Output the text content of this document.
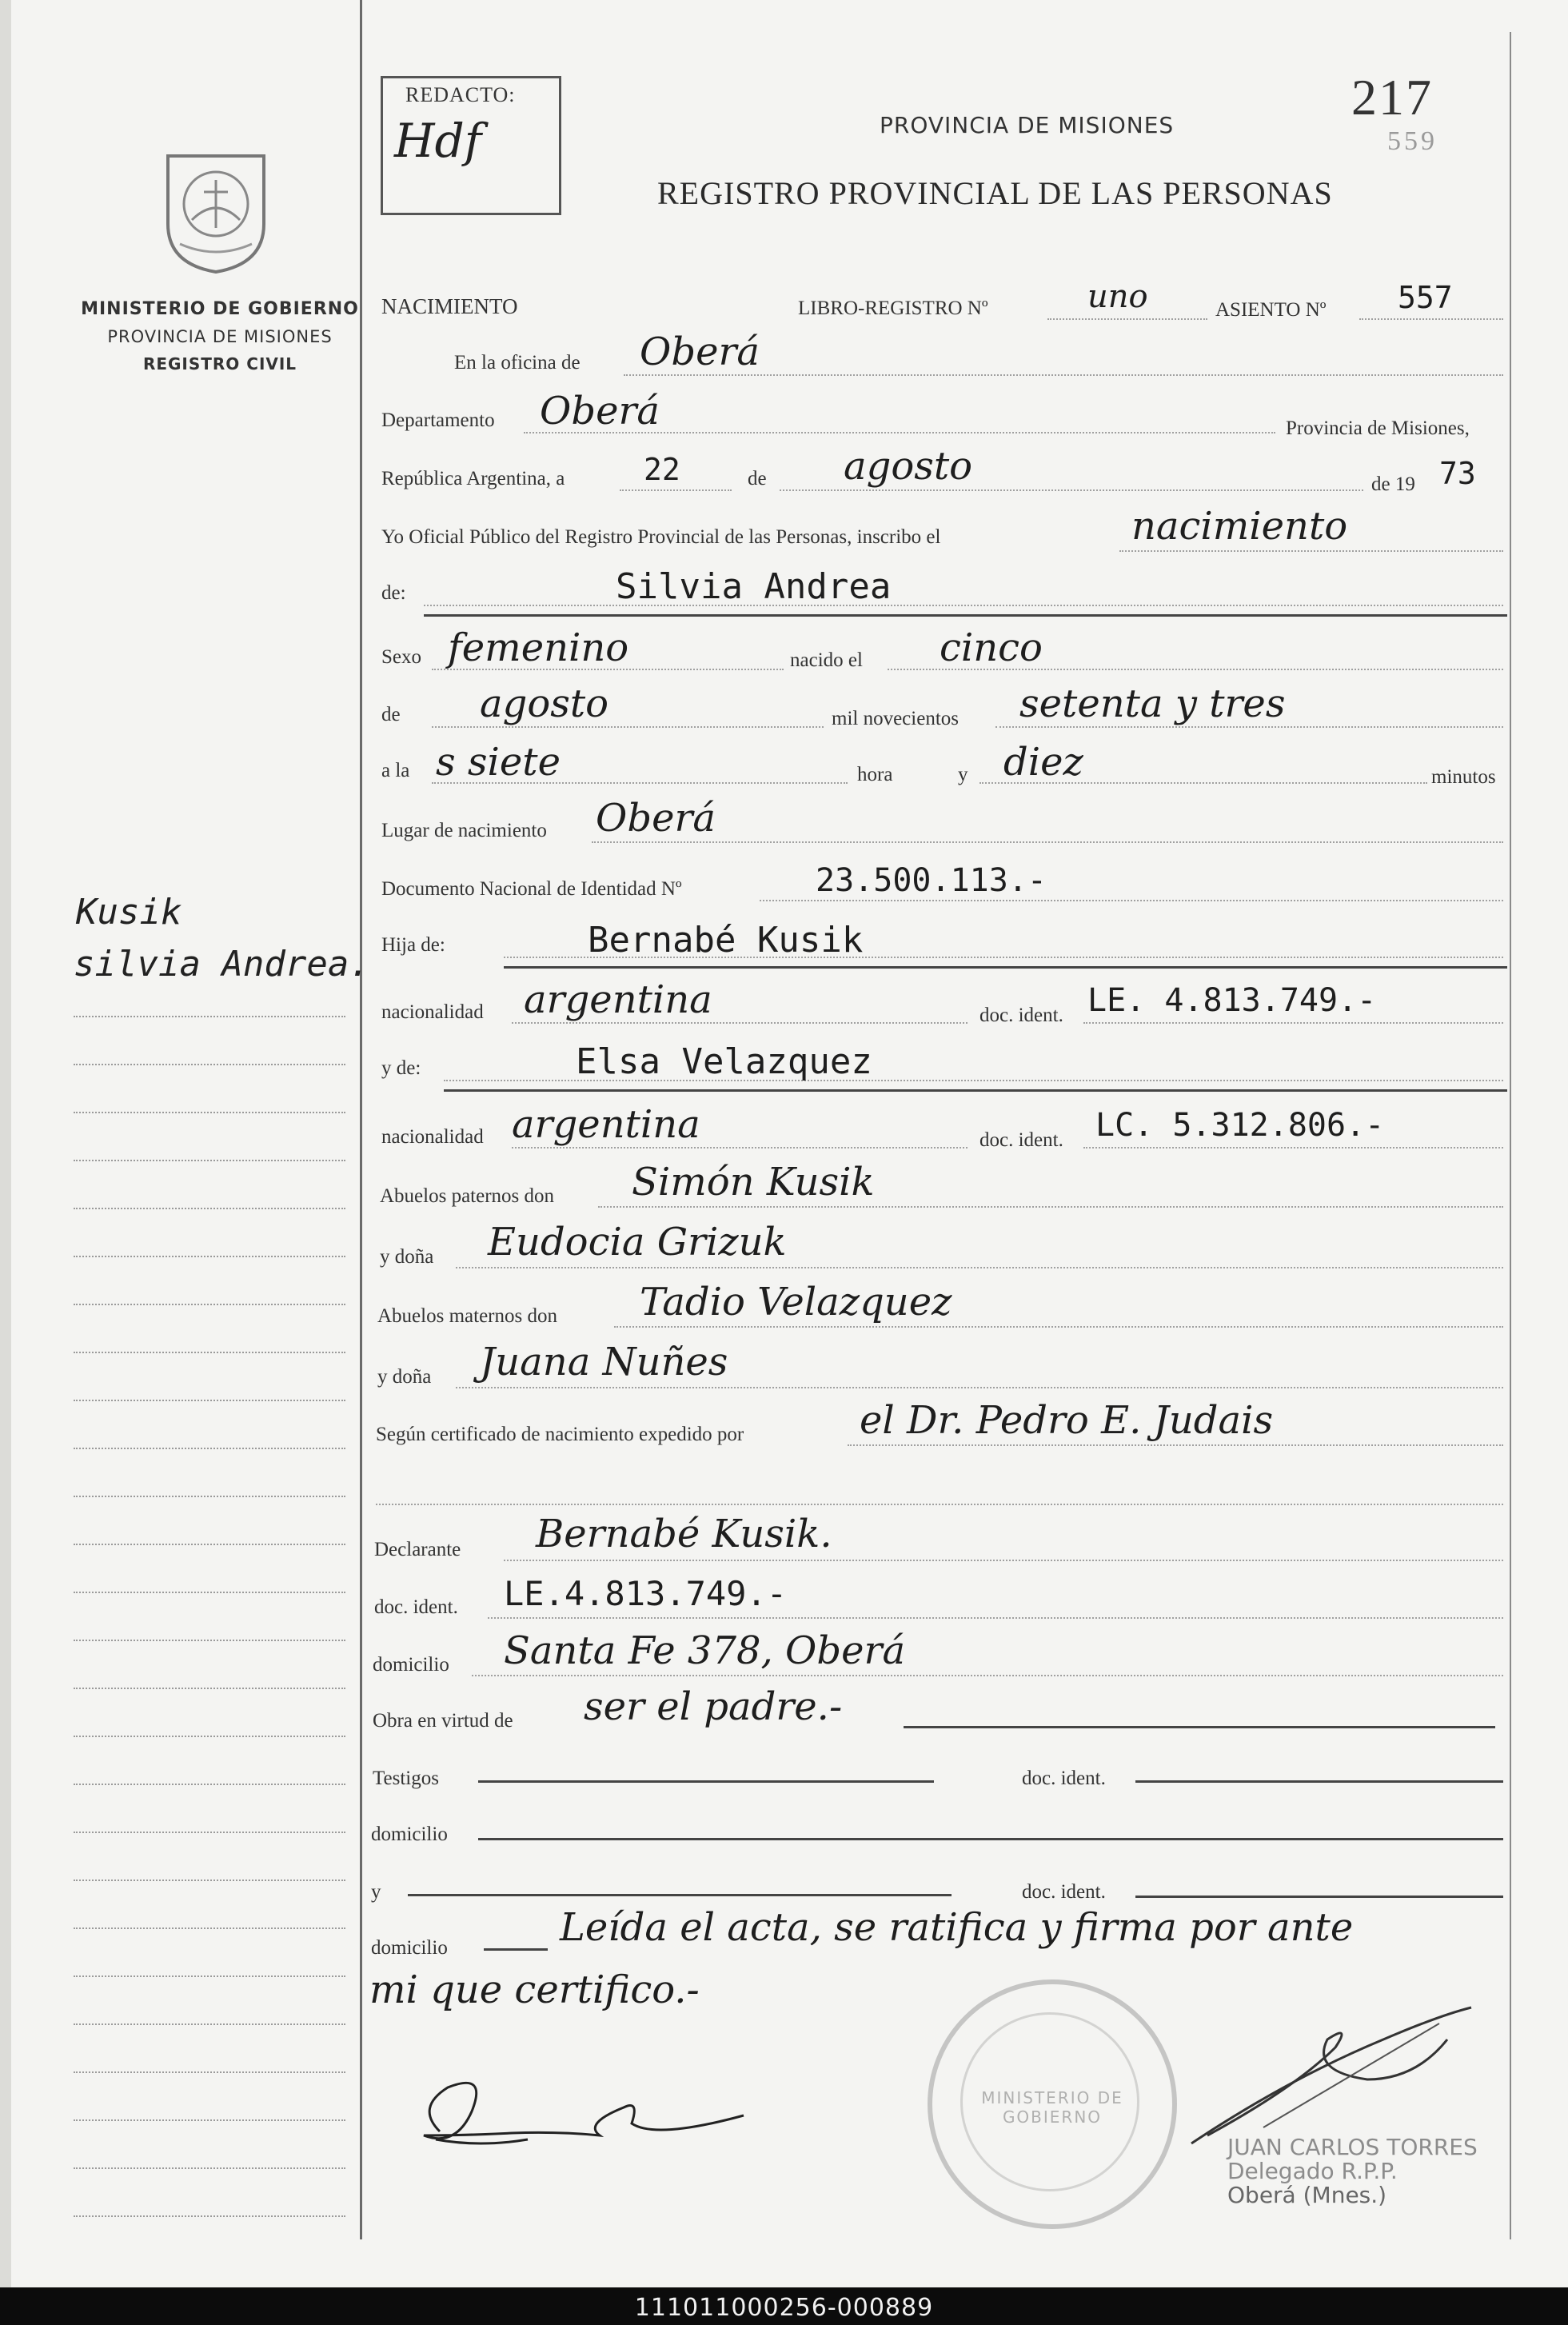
MINISTERIO DE GOBIERNO
PROVINCIA DE MISIONES
REGISTRO CIVIL
Kusik
silvia Andrea.
REDACTO:
Hdf
217
559
PROVINCIA DE MISIONES
REGISTRO PROVINCIAL DE LAS PERSONAS
NACIMIENTO	LIBRO-REGISTRO Nº	uno	ASIENTO Nº 557
En la oficina de Oberá
Departamento Oberá	Provincia de Misiones,
República Argentina, a	22	de agosto	de 19 73
Yo Oficial Público del Registro Provincial de las Personas, inscribo el	nacimiento
de:	Silvia Andrea
Sexo femenino	nacido el cinco
de agosto	mil novecientos setenta y tres
a la s siete	hora	y diez	minutos
Lugar de nacimiento Oberá
Documento Nacional de Identidad Nº	23.500.113.-
Hija de:	Bernabé Kusik
nacionalidad argentina	doc. ident. LE. 4.813.749.-
y de:	Elsa Velazquez
nacionalidad argentina	doc. ident. LC. 5.312.806.-
Abuelos paternos don Simón Kusik
y doña Eudocia Grizuk
Abuelos maternos don Tadio Velazquez
y doña Juana Nuñes
Según certificado de nacimiento expedido por	el Dr. Pedro E. Judais
Declarante Bernabé Kusik.
doc. ident. LE.4.813.749.-
domicilio Santa Fe 378, Oberá
Obra en virtud de ser el padre.-
Testigos	doc. ident.
domicilio
y	doc. ident.
domicilio	Leída el acta, se ratifica y firma por ante
mi que certifico.-
MINISTERIO DE GOBIERNO
JUAN CARLOS TORRES
Delegado R.P.P.
Oberá (Mnes.)
111011000256-000889
